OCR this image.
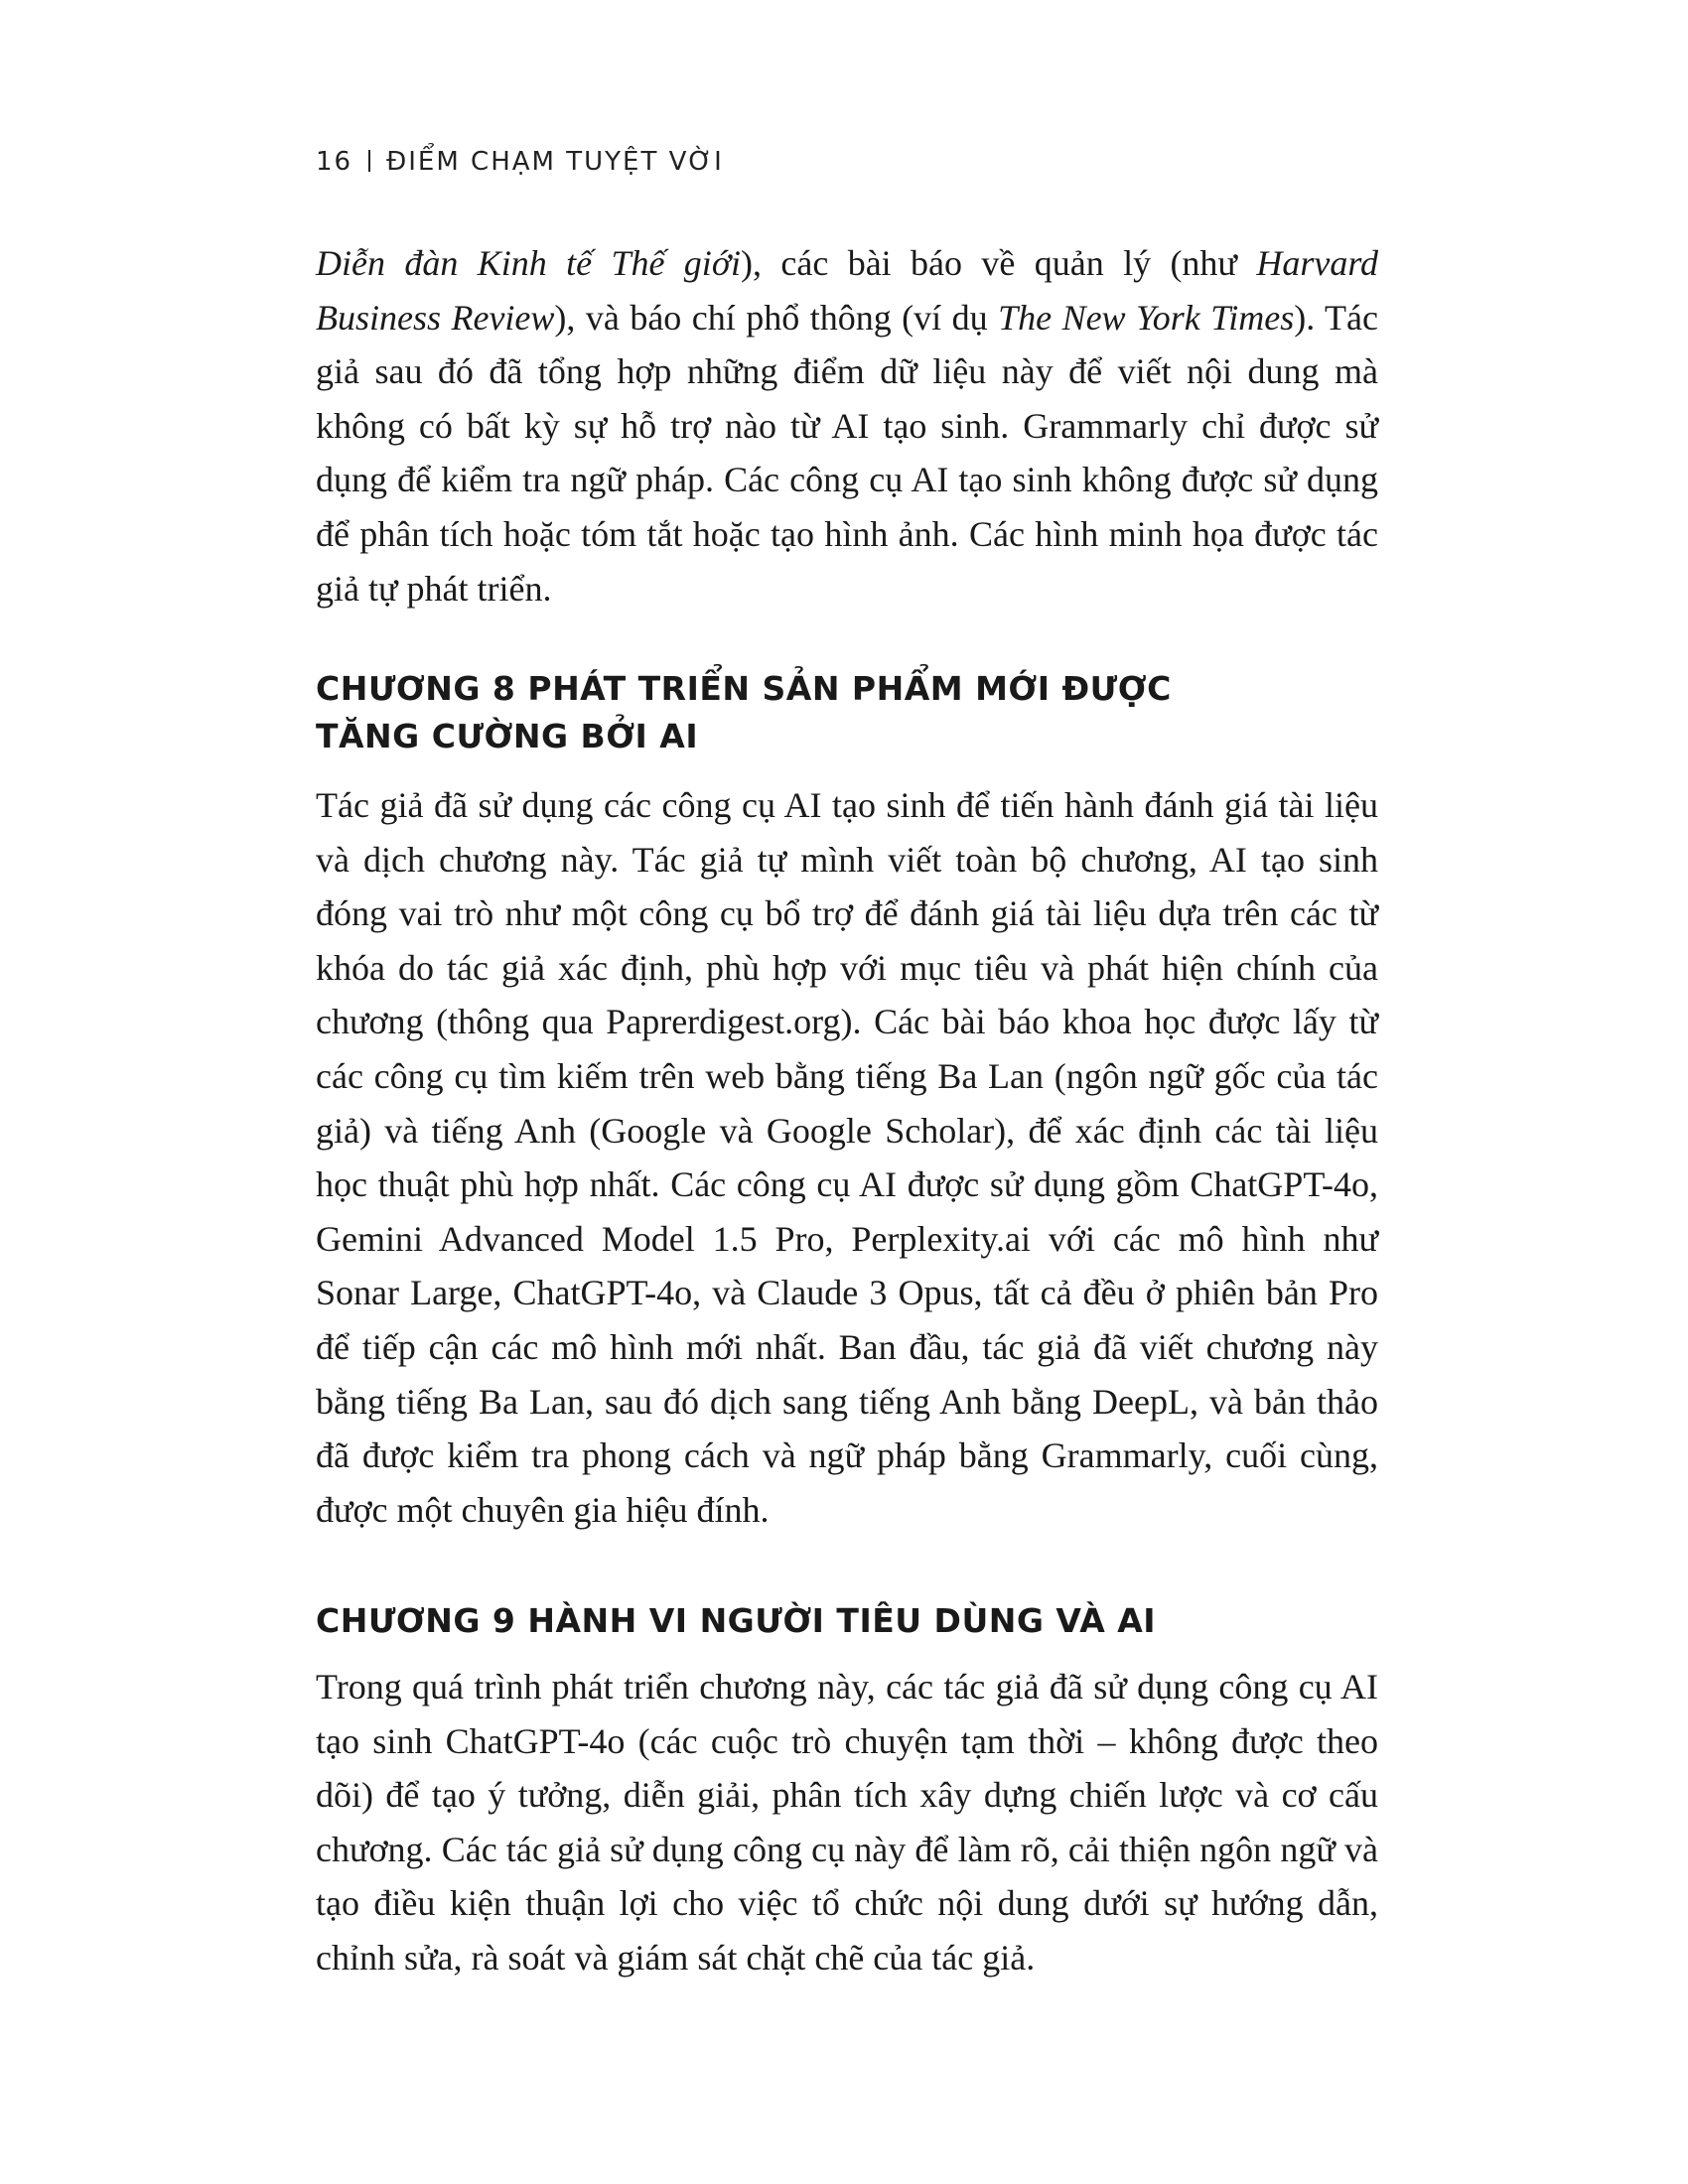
16 ĐIỂM CHẠM TUYỆT VỜI

Diễn đàn Kinh tế Thế giới), các bài báo về quản lý (như Harvard Business Review), và báo chí phổ thông (ví dụ The New York Times). Tác giả sau đó đã tổng hợp những điểm dữ liệu này để viết nội dung mà không có bất kỳ sự hỗ trợ nào từ AI tạo sinh. Grammarly chỉ được sử dụng để kiểm tra ngữ pháp. Các công cụ AI tạo sinh không được sử dụng để phân tích hoặc tóm tắt hoặc tạo hình ảnh. Các hình minh họa được tác giả tự phát triển.

CHƯƠNG 8 PHÁT TRIỂN SẢN PHẨM MỚI ĐƯỢC
TĂNG CƯỜNG BỞI AI

Tác giả đã sử dụng các công cụ AI tạo sinh để tiến hành đánh giá tài liệu và dịch chương này. Tác giả tự mình viết toàn bộ chương, AI tạo sinh đóng vai trò như một công cụ bổ trợ để đánh giá tài liệu dựa trên các từ khóa do tác giả xác định, phù hợp với mục tiêu và phát hiện chính của chương (thông qua Paprerdigest.org). Các bài báo khoa học được lấy từ các công cụ tìm kiếm trên web bằng tiếng Ba Lan (ngôn ngữ gốc của tác giả) và tiếng Anh (Google và Google Scholar), để xác định các tài liệu học thuật phù hợp nhất. Các công cụ AI được sử dụng gồm ChatGPT-4o, Gemini Advanced Model 1.5 Pro, Perplexity.ai với các mô hình như Sonar Large, ChatGPT-4o, và Claude 3 Opus, tất cả đều ở phiên bản Pro để tiếp cận các mô hình mới nhất. Ban đầu, tác giả đã viết chương này bằng tiếng Ba Lan, sau đó dịch sang tiếng Anh bằng DeepL, và bản thảo đã được kiểm tra phong cách và ngữ pháp bằng Grammarly, cuối cùng, được một chuyên gia hiệu đính.

CHƯƠNG 9 HÀNH VI NGƯỜI TIÊU DÙNG VÀ AI

Trong quá trình phát triển chương này, các tác giả đã sử dụng công cụ AI tạo sinh ChatGPT-4o (các cuộc trò chuyện tạm thời – không được theo dõi) để tạo ý tưởng, diễn giải, phân tích xây dựng chiến lược và cơ cấu chương. Các tác giả sử dụng công cụ này để làm rõ, cải thiện ngôn ngữ và tạo điều kiện thuận lợi cho việc tổ chức nội dung dưới sự hướng dẫn, chỉnh sửa, rà soát và giám sát chặt chẽ của tác giả.
